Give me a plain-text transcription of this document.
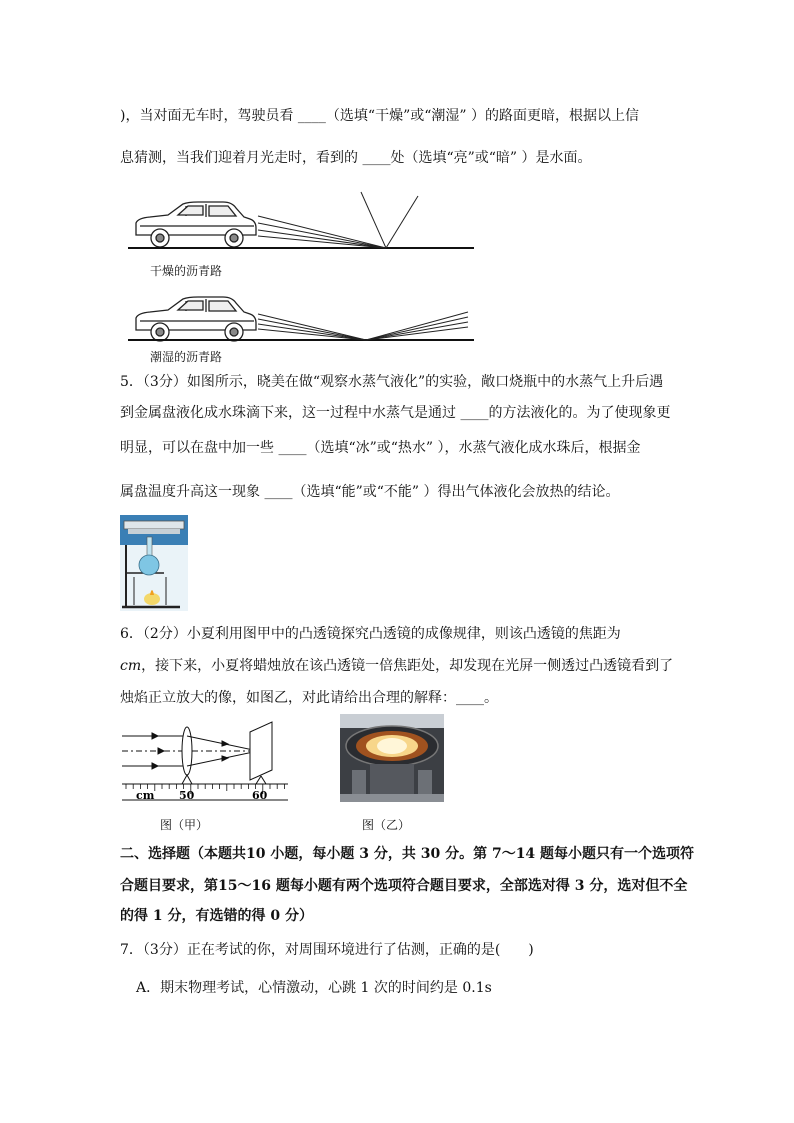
)，当对面无车时，驾驶员看 ____（选填“干燥”或“潮湿” ）的路面更暗，根据以上信
息猜测，当我们迎着月光走时，看到的 ____处（选填“亮”或“暗” ）是水面。
干燥的沥青路
潮湿的沥青路
5．（3分）如图所示，晓美在做“观察水蒸气液化”的实验，敞口烧瓶中的水蒸气上升后遇
到金属盘液化成水珠滴下来，这一过程中水蒸气是通过 ____的方法液化的。为了使现象更
明显，可以在盘中加一些 ____（选填“冰”或“热水” ），水蒸气液化成水珠后，根据金
属盘温度升高这一现象 ____（选填“能”或“不能” ）得出气体液化会放热的结论。
6．（2分）小夏利用图甲中的凸透镜探究凸透镜的成像规律，则该凸透镜的焦距为
cm，接下来，小夏将蜡烛放在该凸透镜一倍焦距处，却发现在光屏一侧透过凸透镜看到了
烛焰正立放大的像，如图乙，对此请给出合理的解释：____。
cm 50	60
图（甲）	图（乙）
二、选择题（本题共10 小题，每小题 3 分，共 30 分。第 7～14 题每小题只有一个选项符
合题目要求，第15～16 题每小题有两个选项符合题目要求，全部选对得 3 分，选对但不全
的得 1 分，有选错的得 0 分）
7．（3分）正在考试的你，对周围环境进行了估测，正确的是(　　)
A．期末物理考试，心情激动，心跳 1 次的时间约是 0.1s
